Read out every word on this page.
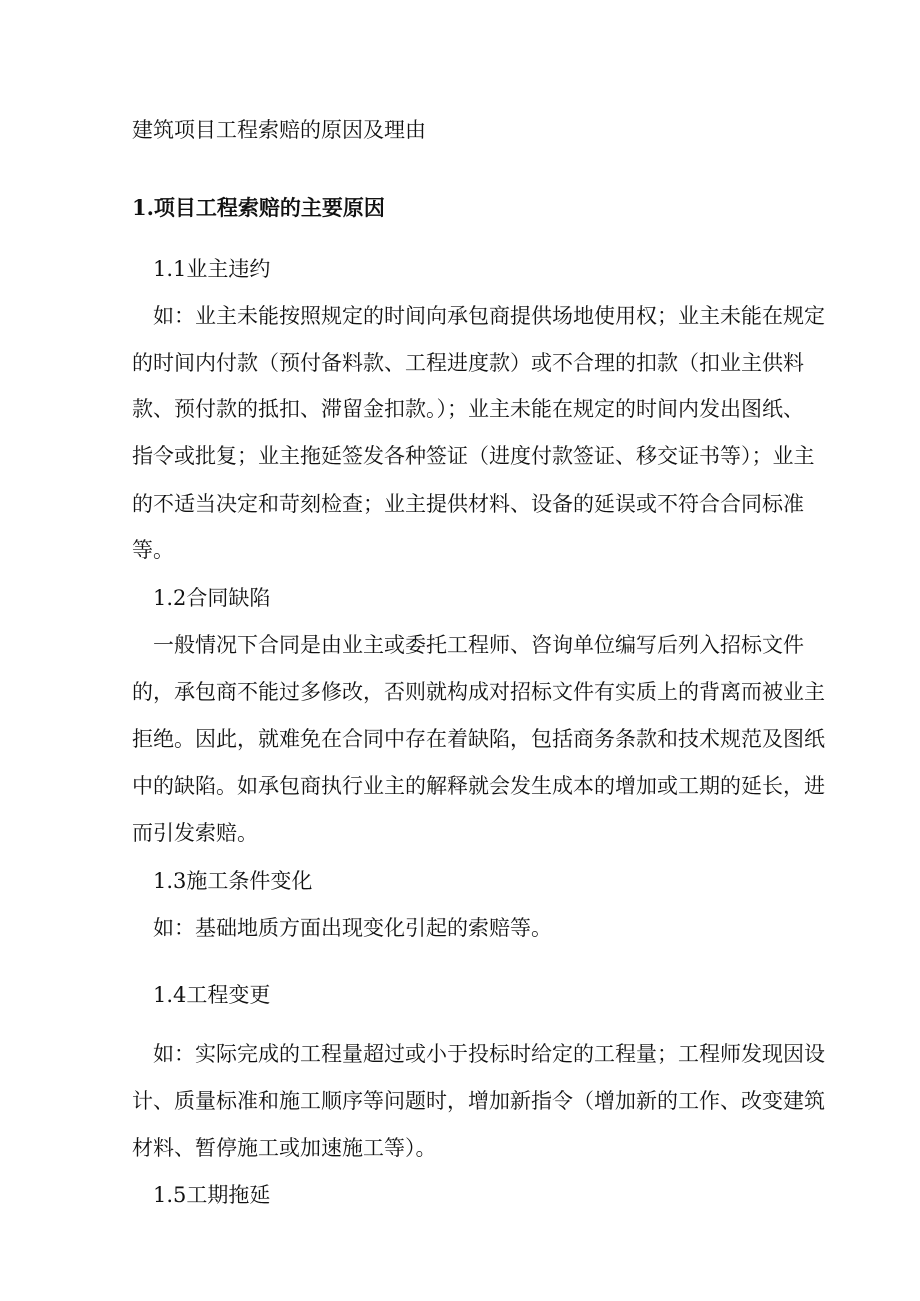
建筑项目工程索赔的原因及理由
1.项目工程索赔的主要原因
1.1业主违约
如：业主未能按照规定的时间向承包商提供场地使用权；业主未能在规定
的时间内付款（预付备料款、工程进度款）或不合理的扣款（扣业主供料
款、预付款的抵扣、滞留金扣款。）；业主未能在规定的时间内发出图纸、
指令或批复；业主拖延签发各种签证（进度付款签证、移交证书等）；业主
的不适当决定和苛刻检查；业主提供材料、设备的延误或不符合合同标准
等。
1.2合同缺陷
一般情况下合同是由业主或委托工程师、咨询单位编写后列入招标文件
的，承包商不能过多修改，否则就构成对招标文件有实质上的背离而被业主
拒绝。因此，就难免在合同中存在着缺陷，包括商务条款和技术规范及图纸
中的缺陷。如承包商执行业主的解释就会发生成本的增加或工期的延长，进
而引发索赔。
1.3施工条件变化
如：基础地质方面出现变化引起的索赔等。
1.4工程变更
如：实际完成的工程量超过或小于投标时给定的工程量；工程师发现因设
计、质量标准和施工顺序等问题时，增加新指令（增加新的工作、改变建筑
材料、暂停施工或加速施工等）。
1.5工期拖延
